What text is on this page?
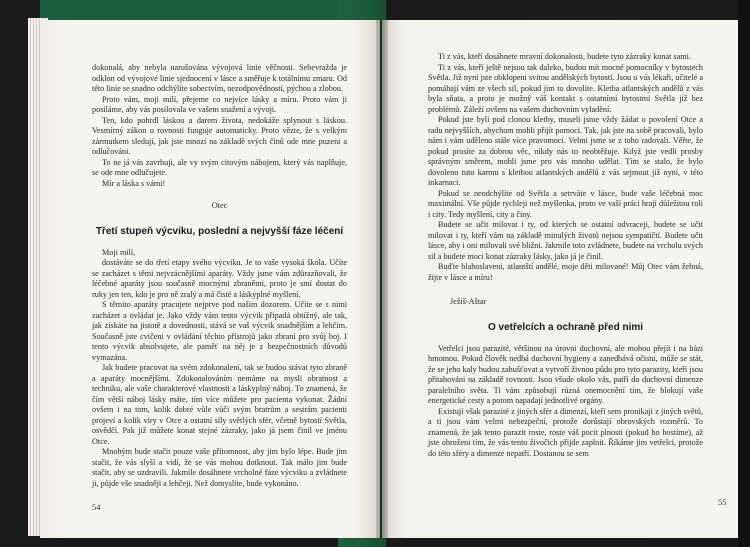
dokonalá, aby nebyla narušována vývojová linie věčnosti. Sebevražda je odklon od vývojové linie sjednocení v lásce a směřuje k totálnímu zmaru. Od této linie se snadno odchýlíte sobectvím, nezodpovědností, pýchou a zlobou.

Proto vám, moji milí, přejeme co nejvíce lásky a míru. Proto vám ji posíláme, aby vás posilovala ve vašem snažení a vývoji.

Ten, kdo pohrdl láskou a darem života, nedokáže splynout s láskou. Vesmírný zákon o rovnosti funguje automaticky. Proto vězte, že s velkým zármutkem sledují, jak jste mnozí na základě svých činů ode mne puzeni a odlučováni.

To ne já vás zavrhuji, ale vy svým citovým nábojem, který vás naplňuje, se ode mne odlučujete.

Mír a láska s vámi!

Otec

Třetí stupeň výcviku, poslední a nejvyšší fáze léčení

Moji milí,

dostáváte se do třetí etapy svého výcviku. Je to vaše vysoká škola. Učíte se zacházet s těmi nejvzácnějšími aparáty. Vždy jsme vám zdůrazňovali, že léčebné aparáty jsou současně mocnými zbraněmi, proto je smí dostat do ruky jen ten, kdo je pro ně zralý a má čisté a láskyplné myšlení.

S těmito aparáty pracujete nejprve pod naším dozorem. Učíte se s nimi zacházet a ovládat je. Jako vždy vám tento výcvik připadá obtížný, ale tak, jak získáte na jistotě a dovednosti, stává se vaš výcvik snadnějším a lehčím. Současně jste cvičeni v ovládání těchto přístrojů jako zbraní pro svůj boj. I tento výcvik absolvujete, ale paměť na něj je z bezpečnostních důvodů vymazána.

Jak budete pracovat na svém zdokonalení, tak se budou stávat tyto zbraně a aparáty mocnějšími. Zdokonalováním nemáme na mysli obratnost a techniku, ale vaše charakterové vlastnosti a láskyplný náboj. To znamená, že čím větší náboj lásky máte, tím více můžete pro pacienta vykonat. Žádní ovšem i na tom, kolik dobré vůle vůči svým bratrům a sestrám pacienti projeví a kolik víry v Otce a ostatní síly světlých sfér, včetně bytostí Světla, osvědčí. Pak již můžete konat stejné zázraky, jako já jsem činil ve jménu Otce.

Mnohým bude stačit pouze vaše přítomnost, aby jim bylo lépe. Bude jim stačit, že vás slyší a vidí, že se vás mohou dotknout. Tak málo jim bude stačit, aby se uzdravili. Jakmile dosáhnete vrcholné fáze výcviku a zvládnete ji, půjde vše snadněji a lehčeji. Než domyslíte, bude vykonáno.

54

Ti z vás, kteří dosáhnete mravní dokonalosti, budete tyto zázraky konat sami.

Ti z vás, kteří ještě nejsou tak daleko, budou mít mocné pomocníky v bytostech Světla. Již nyní jste obklopeni svitou andělských bytostí. Jsou u vás lékaři, učitelé a pomáhají vám ze všech sil, pokud jim to dovolíte. Kletba atlantských andělů z vás byla sňata, a proto je možný váš kontakt s ostatními bytostmi Světla již bez problémů. Záleží ovšem na vašem duchovním vyladění.

Pokud jste byli pod clonou kletby, museli jsme vždy žádat o povolení Otce a radu nejvyšších, abychom mohli přijít pomoci. Tak, jak jste na sobě pracovali, bylo nám i vám uděleno stále více pravomocí. Velmi jsme se z toho radovali. Věřte, že pokud prosíte za dobrou věc, nikdy nás to neobtěžuje. Když jste vedli prosby správným směrem, mohli jsme pro vás mnoho udělat. Tím se stalo, že bylo dovoleno tuto karmu s kletbou atlantských andělů z vás sejmout již nyní, v této inkarnaci.

Pokud se neodchýlíte od Světla a setrváte v lásce, bude vaše léčebná moc maximální. Vše půjde rychleji než myšlenka, proto ve vaší práci hrají důležitou roli i city. Tedy myšlení, city a činy.

Budete se učit milovat i ty, od kterých se ostatní odvraceji, budete se učit milovat i ty, kteří vám na základě minulých životů nejsou sympatičtí. Budete učit lásce, aby i oni milovali své bližní. Jakmile toto zvládnete, budete na vrcholu svých sil a budete moci konat zázraky lásky, jako já je činil.

Buďte blahoslaveni, atlantští andělé, moje děti milované! Můj Otec vám žehná, žijte v lásce a míru!

Ježíš-Aštar

O vetřelcích a ochraně před nimi

Vetřelci jsou parazité, většinou na úrovni duchovní, ale mohou přejít i na bázi hmotnou. Pokud člověk nedbá duchovní hygieny a zanedbává očistu, může se stát, že se jeho kaly budou zahušťovat a vytvoří živnou půdu pro tyto parazity, kteří jsou přitahováni na základě rovnosti. Jsou všude okolo vás, patří do duchovní dimenze paralelního světa. Ti vám způsobují různá onemocnění tím, že blokují vaše energetické cesty a potom napadají jednotlivé orgány.

Existují však parazité z jiných sfér a dimenzí, kteří sem pronikají z jiných světů, a ti jsou vám velmi nebezpeční, protože dorůstají obrovských rozměrů. To znamená, že jak tento parazit roste, roste váš pocit plnosti (pokud ho hostíme), až jste ohroženi tím, že vás tento živočich přijde zaplnit. Říkáme jim vetřelci, protože do této sféry a dimenze nepatří. Dostanou se sem

55
